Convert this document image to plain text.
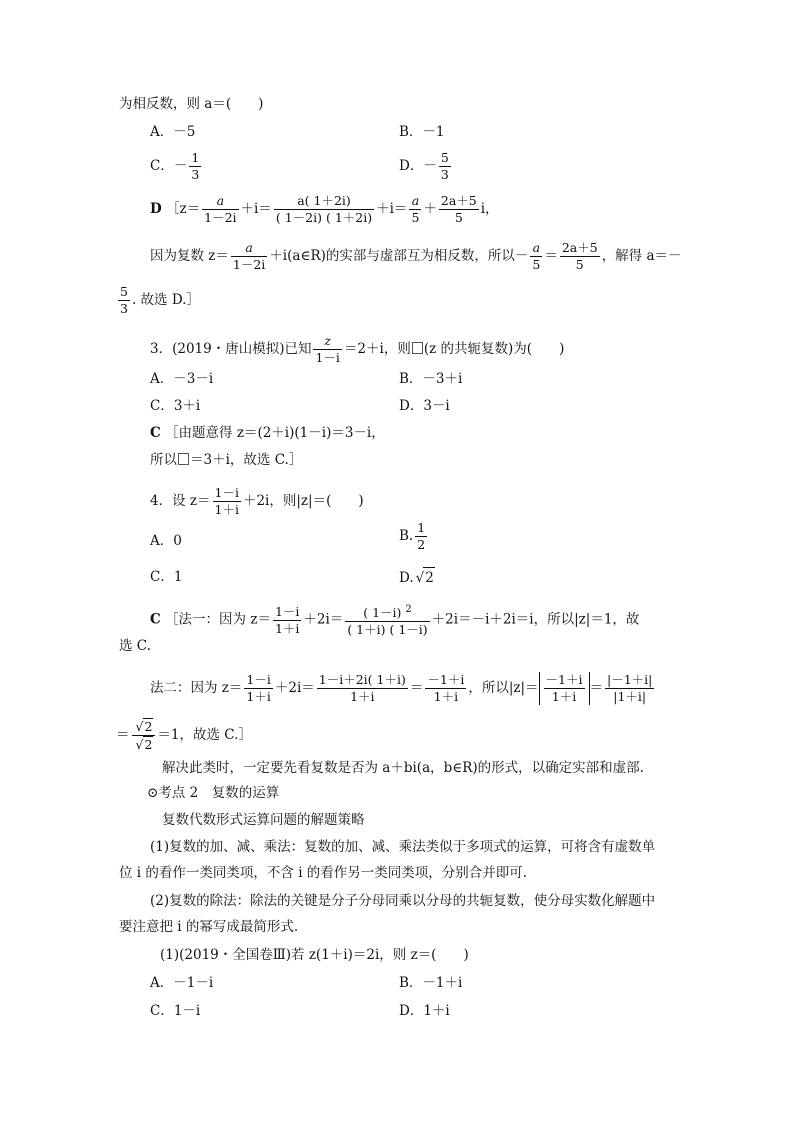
为相反数，则 a＝(　　)
A．－5	B．－1
C．－ $\frac{1}{3}$	D．－ $\frac{5}{3}$
D ［z＝ $\frac{a}{1-2i} +i= \frac{a( 1+2i)}{( 1-2i) ( 1+2i)} +i= \frac{a}{5} + \frac{2a+5}{5}$ i，
因为复数 $z= \frac{a}{1-2i}$ ＋i(a∈R)的实部与虚部互为相反数，所以－ $\frac{a}{5} = \frac{2a+5}{5}$ ，解得 a＝－
$\frac{5}{3}$ . 故选 D.］
3．(2019・唐山模拟)已知 $\frac{z}{1-i} =2+i$，则 (z 的共轭复数)为(　　)
A．－3－i	B．－3＋i
C．3＋i	D．3－i
C ［由题意得 z＝(2＋i)(1－i)＝3－i，
所以 ＝3＋i，故选 C.］
4．设 $z= \frac{1-i}{1+i} +2i$，则|z|＝(　　)
A．0	B. $\frac{1}{2}$
C．1	D. √ 2
C ［法一：因为 $z= \frac{1-i}{1+i} +2i= \frac{( 1-i) ^2}{( 1+i) ( 1-i)} +2i=-i+2i=i$，所以|z|＝1，故
选 C.
法二：因为 $z= \frac{1-i}{1+i} +2i= \frac{1-i+2i( 1+i)}{1+i} = \frac{-1+i}{1+i}$ ，所以$|z|= \frac{-1+i}{1+i} = \frac{|-1+i|}{|1+i|}$
＝ √ 2
√ 2 ＝1，故选 C.］
解决此类时，一定要先看复数是否为 a＋bi(a，b∈R)的形式，以确定实部和虚部.
⊙考点 2　复数的运算
复数代数形式运算问题的解题策略
(1)复数的加、减、乘法：复数的加、减、乘法类似于多项式的运算，可将含有虚数单
位 i 的看作一类同类项，不含 i 的看作另一类同类项，分别合并即可.
(2)复数的除法：除法的关键是分子分母同乘以分母的共轭复数，使分母实数化解题中
要注意把 i 的幂写成最简形式.
(1)(2019・全国卷Ⅲ)若 z(1＋i)＝2i，则 z＝(　　)
A．－1－i	B．－1＋i
C．1－i	D．1＋i
